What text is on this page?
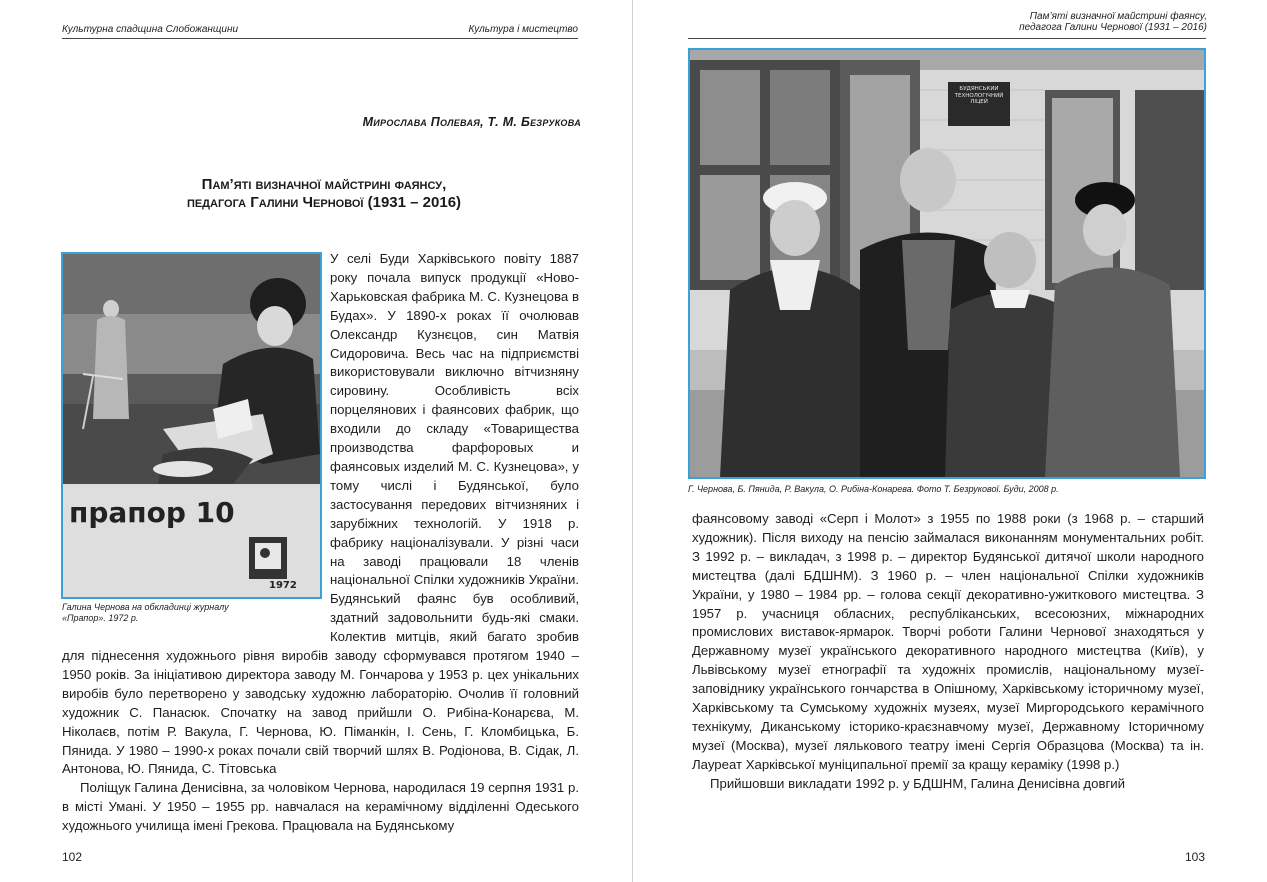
Культурна спадщина Слобожанщини	Культура і мистецтво
Мирослава Полевая, Т. М. Безрукова
Пам’яті визначної майстрині фаянсу,
педагога Галини Чернової (1931 – 2016)
прапор 10
1972
Галина Чернова на обкладинці журналу
«Прапор». 1972 р.

У селі Буди Харківського повіту 1887 року почала випуск продукції «Ново-Харьковская фабрика М. С. Кузнецова в Будах». У 1890-х роках її очолював Олександр Кузнєцов, син Матвія Сидоровича. Весь час на підприємстві використовували виключно вітчизняну сировину. Особливість всіх порцелянових і фаянсових фабрик, що входили до складу «Товарищества производства фарфоровых и фаянсовых изделий М. С. Кузнецова», у тому числі і Будянської, було застосування передових вітчизняних і зарубіжних технологій. У 1918 р. фабрику націоналізували. У різні часи на заводі працювали 18 членів національної Спілки художників України. Будянський фаянс був особливий, здатний задовольнити будь-які смаки. Колектив митців, який багато зробив для піднесення художнього рівня виробів заводу сформувався протягом 1940 – 1950 років. За ініціативою директора заводу М. Гончарова у 1953 р. цех унікальних виробів було перетворено у заводську художню лабораторію. Очолив її головний художник С. Панасюк. Спочатку на завод прийшли О. Рибіна-Конарєва, М. Ніколаєв, потім Р. Вакула, Г. Чернова, Ю. Піманкін, І. Сень, Г. Кломбицька, Б. Пянида. У 1980 – 1990-х роках почали свій творчий шлях В. Родіонова, В. Сідак, Л. Антонова, Ю. Пянида, С. Тітовська

Поліщук Галина Денисівна, за чоловіком Чернова, народилася 19 серпня 1931 р. в місті Умані. У 1950 – 1955 рр. навчалася на керамічному відділенні Одеського художнього училища імені Грекова. Працювала на Будянському

102
Пам’яті визначної майстрині фаянсу,
педагога Галини Чернової (1931 – 2016)
БУДЯНСЬКИЙ ТЕХНОЛОГІЧНИЙ ЛІЦЕЙ
Г. Чернова, Б. Пянида, Р. Вакула, О. Рибіна-Конарева. Фото Т. Безрукової. Буди, 2008 р.

фаянсовому заводі «Серп і Молот» з 1955 по 1988 роки (з 1968 р. – старший художник). Після виходу на пенсію займалася виконанням монументальних робіт. З 1992 р. – викладач, з 1998 р. – директор Будянської дитячої школи народного мистецтва (далі БДШНМ). З 1960 р. – член національної Спілки художників України, у 1980 – 1984 рр. – голова секції декоративно-ужиткового мистецтва. З 1957 р. учасниця обласних, республіканських, всесоюзних, міжнародних промислових виставок-ярмарок. Творчі роботи Галини Чернової знаходяться у Державному музеї українського декоративного народного мистецтва (Київ), у Львівському музеї етнографії та художніх промислів, національному музеї-заповіднику українського гончарства в Опішному, Харківському історичному музеї, Харківському та Сумському художніх музеях, музеї Миргородського керамічного технікуму, Диканському історико-краєзнавчому музеї, Державному Історичному музеї (Москва), музеї лялькового театру імені Сергія Образцова (Москва) та ін. Лауреат Харківської муніципальної премії за кращу кераміку (1998 р.)

Прийшовши викладати 1992 р. у БДШНМ, Галина Денисівна довгий

103
